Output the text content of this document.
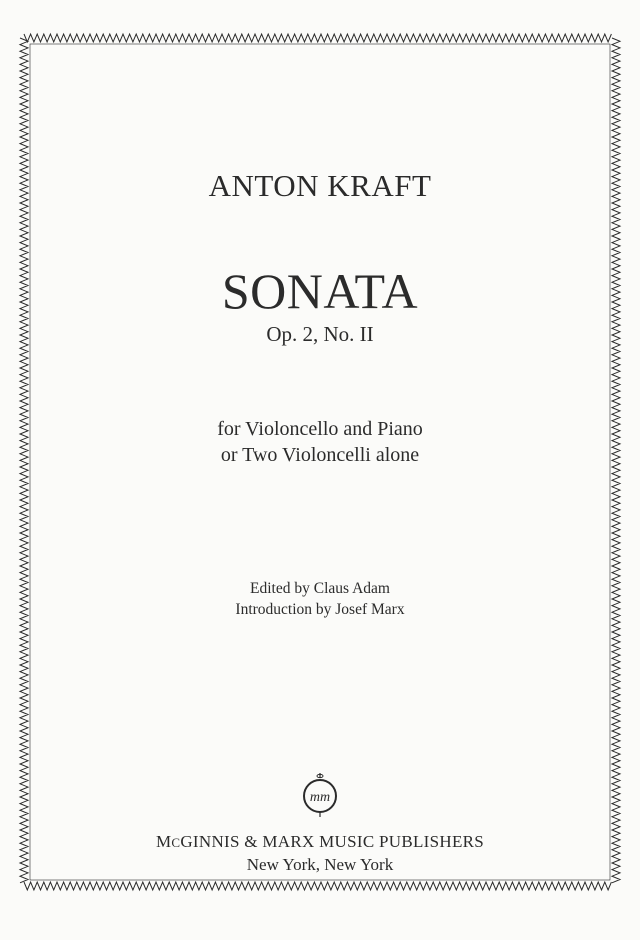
ANTON KRAFT
SONATA
Op. 2, No. II
for Violoncello and Piano
or Two Violoncelli alone
Edited by Claus Adam
Introduction by Josef Marx
mm
MCGINNIS & MARX MUSIC PUBLISHERS
New York, New York
